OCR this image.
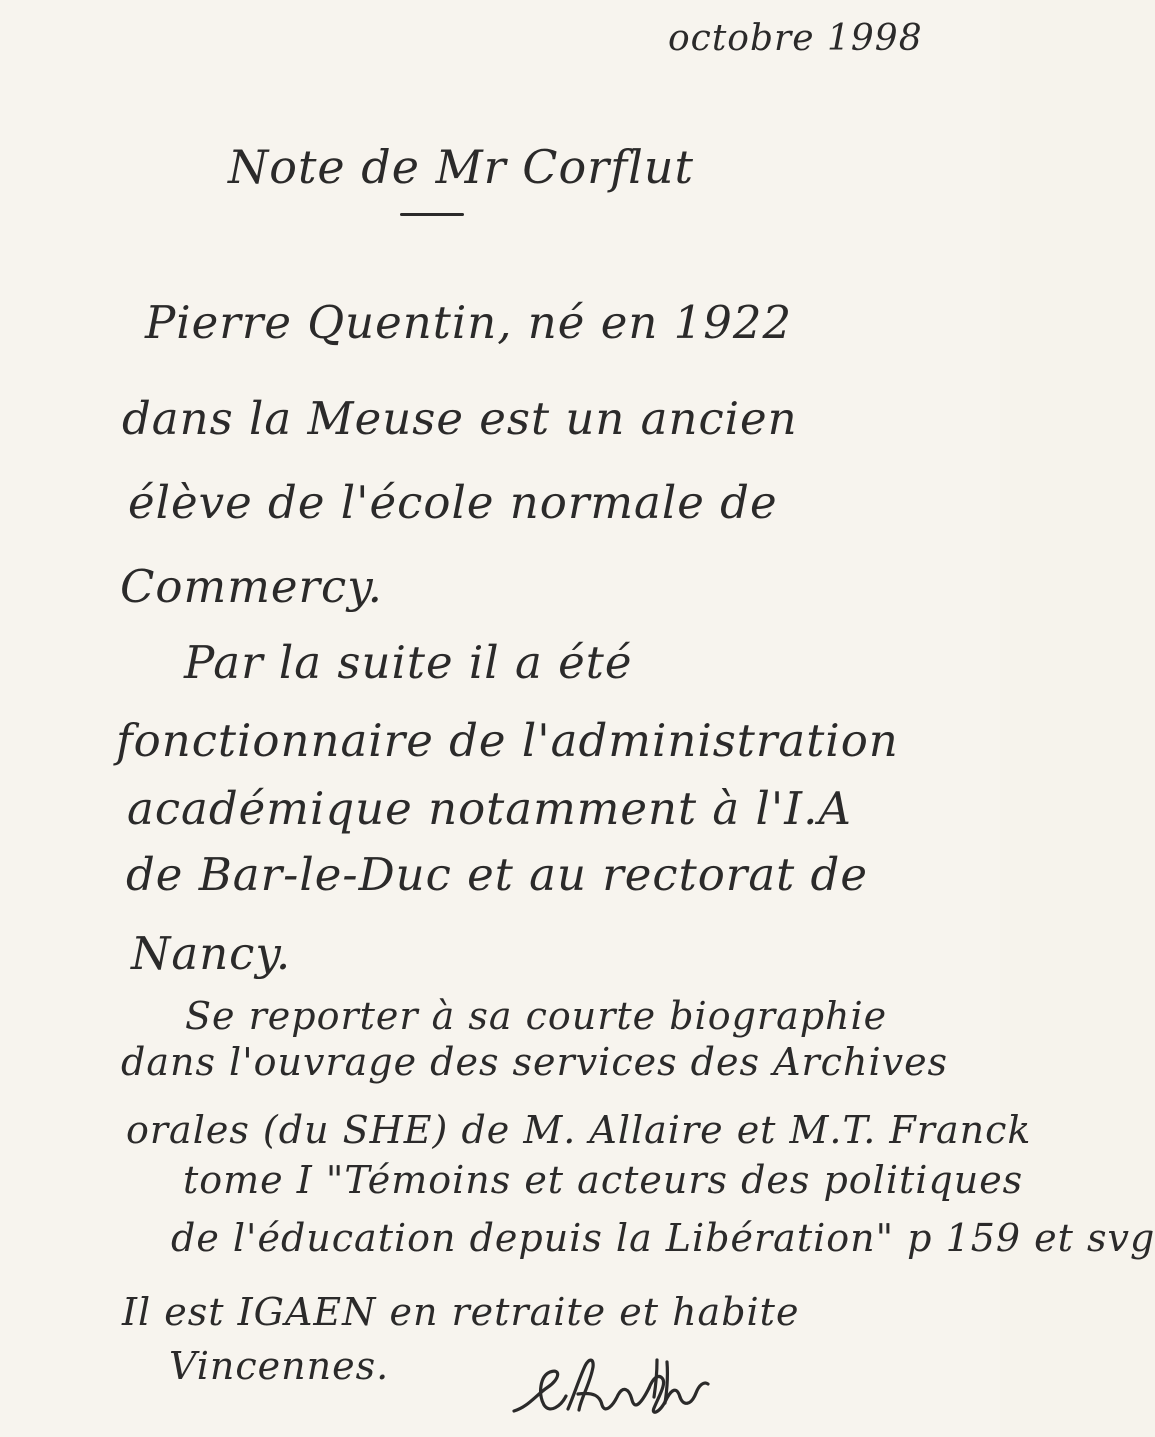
octobre 1998
Note de Mr Corflut
Pierre Quentin, né en 1922
dans la Meuse est un ancien
élève de l'école normale de
Commercy.
Par la suite il a été
fonctionnaire de l'administration
académique notamment à l'I.A
de Bar-le-Duc et au rectorat de
Nancy.
Se reporter à sa courte biographie
dans l'ouvrage des services des Archives
orales (du SHE) de M. Allaire et M.T. Franck
tome I "Témoins et acteurs des politiques
de l'éducation depuis la Libération" p 159 et svg
Il est IGAEN en retraite et habite
Vincennes.
